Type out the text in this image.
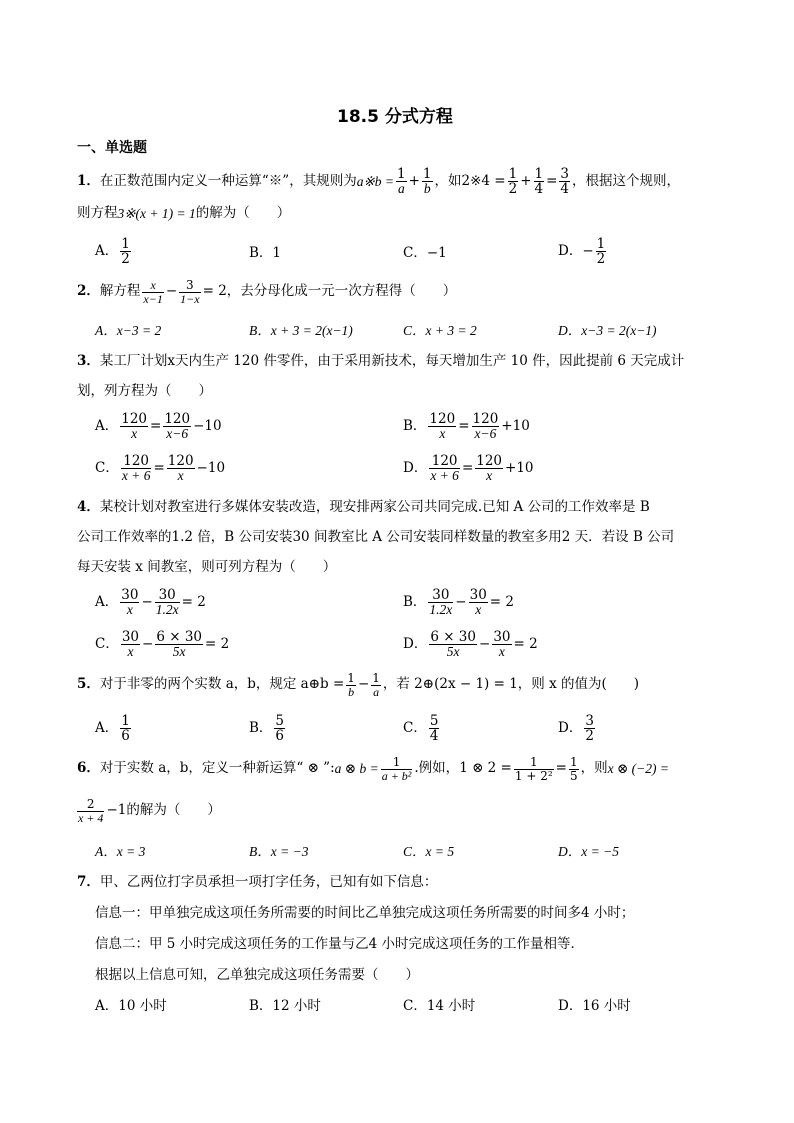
18.5 分式方程
一、单选题
1． 在正数范围内定义一种运算“※”，其规则为 a※b = $\frac{1}{a} + \frac{1}{b}$ ，如 2※4 = $\frac{1}{2} + \frac{1}{4} = \frac{3}{4}$ ，根据这个规则，
则方程 3※(x + 1) = 1 的解为（　　）
A． $\frac{1}{2}$	B．1	C．−1	D． − $\frac{1}{2}$
2． 解方程 $\frac{x}{x-1} - \frac{3}{1-x} = 2$，去分母化成一元一次方程得（　　）
A．x−3 = 2	B．x + 3 = 2(x−1)	C．x + 3 = 2	D．x−3 = 2(x−1)
3．某工厂计划x天内生产 120 件零件，由于采用新技术，每天增加生产 10 件，因此提前 6 天完成计
划，列方程为（　　）
A． $\frac{120}{x} = \frac{120}{x-6} -10$	B． $\frac{120}{x} = \frac{120}{x-6} +10$
C． $\frac{120}{x + 6} = \frac{120}{x} -10$	D． $\frac{120}{x + 6} = \frac{120}{x} +10$
4．某校计划对教室进行多媒体安装改造，现安排两家公司共同完成.已知 A 公司的工作效率是 B
公司工作效率的1.2 倍，B 公司安装30 间教室比 A 公司安装同样数量的教室多用2 天．若设 B 公司
每天安装 x 间教室，则可列方程为（　　）
A． $\frac{30}{x} - \frac{30}{1.2x} = 2$	B． $\frac{30}{1.2x} - \frac{30}{x} = 2$
C． $\frac{30}{x} - \frac{6 \times 30}{5x} = 2$	D． $\frac{6 \times 30}{5x} - \frac{30}{x} = 2$
5． 对于非零的两个实数 a，b，规定 a⊕b = $\frac{1}{b} - \frac{1}{a}$ ，若 2⊕(2x − 1) = 1，则 x 的值为(　　)
A． $\frac{1}{6}$	B． $\frac{5}{6}$	C． $\frac{5}{4}$	D． $\frac{3}{2}$
6． 对于实数 a，b，定义一种新运算“ ⊗ ”: a ⊗ $b = \frac{1}{\text{a + b²}}$ .例如， 1 ⊗ $2 = \frac{1}{\text{1 + 2²}} = \frac{1}{5}$ ，则 x ⊗ (−2) =
$\frac{2}{x + 4} -1$的解为（　　）
A．x = 3	B．x = −3	C．x = 5	D．x = −5
7．甲、乙两位打字员承担一项打字任务，已知有如下信息：
信息一：甲单独完成这项任务所需要的时间比乙单独完成这项任务所需要的时间多4 小时；
信息二：甲 5 小时完成这项任务的工作量与乙4 小时完成这项任务的工作量相等．
根据以上信息可知，乙单独完成这项任务需要（　　）
A．10 小时	B．12 小时	C．14 小时	D．16 小时
